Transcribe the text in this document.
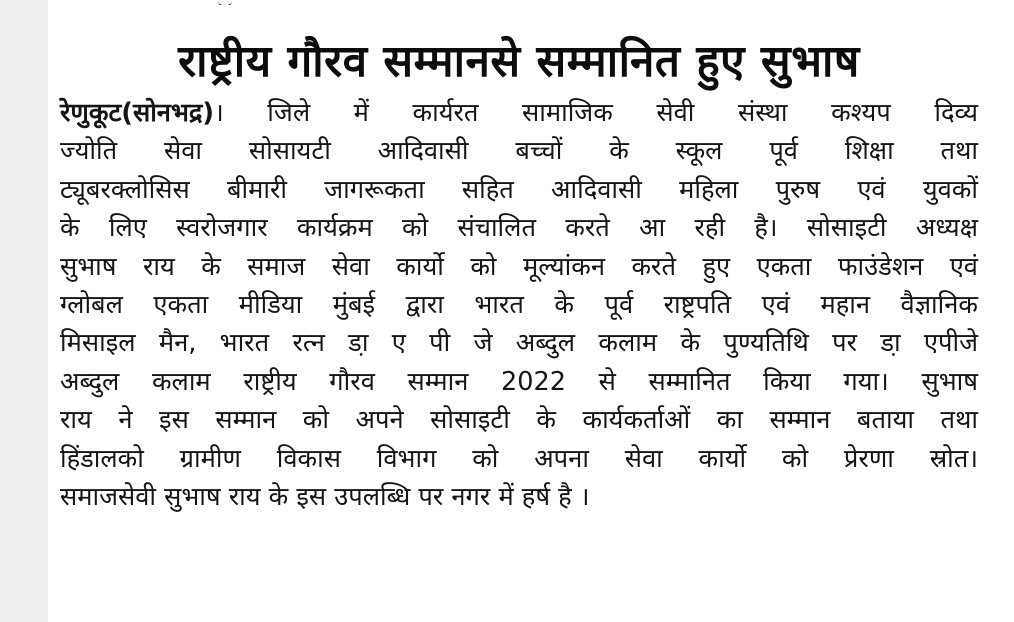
राष्ट्रीय गौरव सम्मानसे सम्मानित हुए सुभाष
रेणुकूट(सोनभद्र)। जिले में कार्यरत सामाजिक सेवी संस्था कश्यप दिव्य
ज्योति सेवा सोसायटी आदिवासी बच्चों के स्कूल पूर्व शिक्षा तथा
ट्यूबरक्लोसिस बीमारी जागरूकता सहित आदिवासी महिला पुरुष एवं युवकों
के लिए स्वरोजगार कार्यक्रम को संचालित करते आ रही है। सोसाइटी अध्यक्ष
सुभाष राय के समाज सेवा कार्यो को मूल्यांकन करते हुए एकता फाउंडेशन एवं
ग्लोबल एकता मीडिया मुंबई द्वारा भारत के पूर्व राष्ट्रपति एवं महान वैज्ञानिक
मिसाइल मैन, भारत रत्न डा़ ए पी जे अब्दुल कलाम के पुण्यतिथि पर डा़ एपीजे
अब्दुल कलाम राष्ट्रीय गौरव सम्मान 2022 से सम्मानित किया गया। सुभाष
राय ने इस सम्मान को अपने सोसाइटी के कार्यकर्ताओं का सम्मान बताया तथा
हिंडालको ग्रामीण विकास विभाग को अपना सेवा कार्यो को प्रेरणा स्रोत।
समाजसेवी सुभाष राय के इस उपलब्धि पर नगर में हर्ष है ।
